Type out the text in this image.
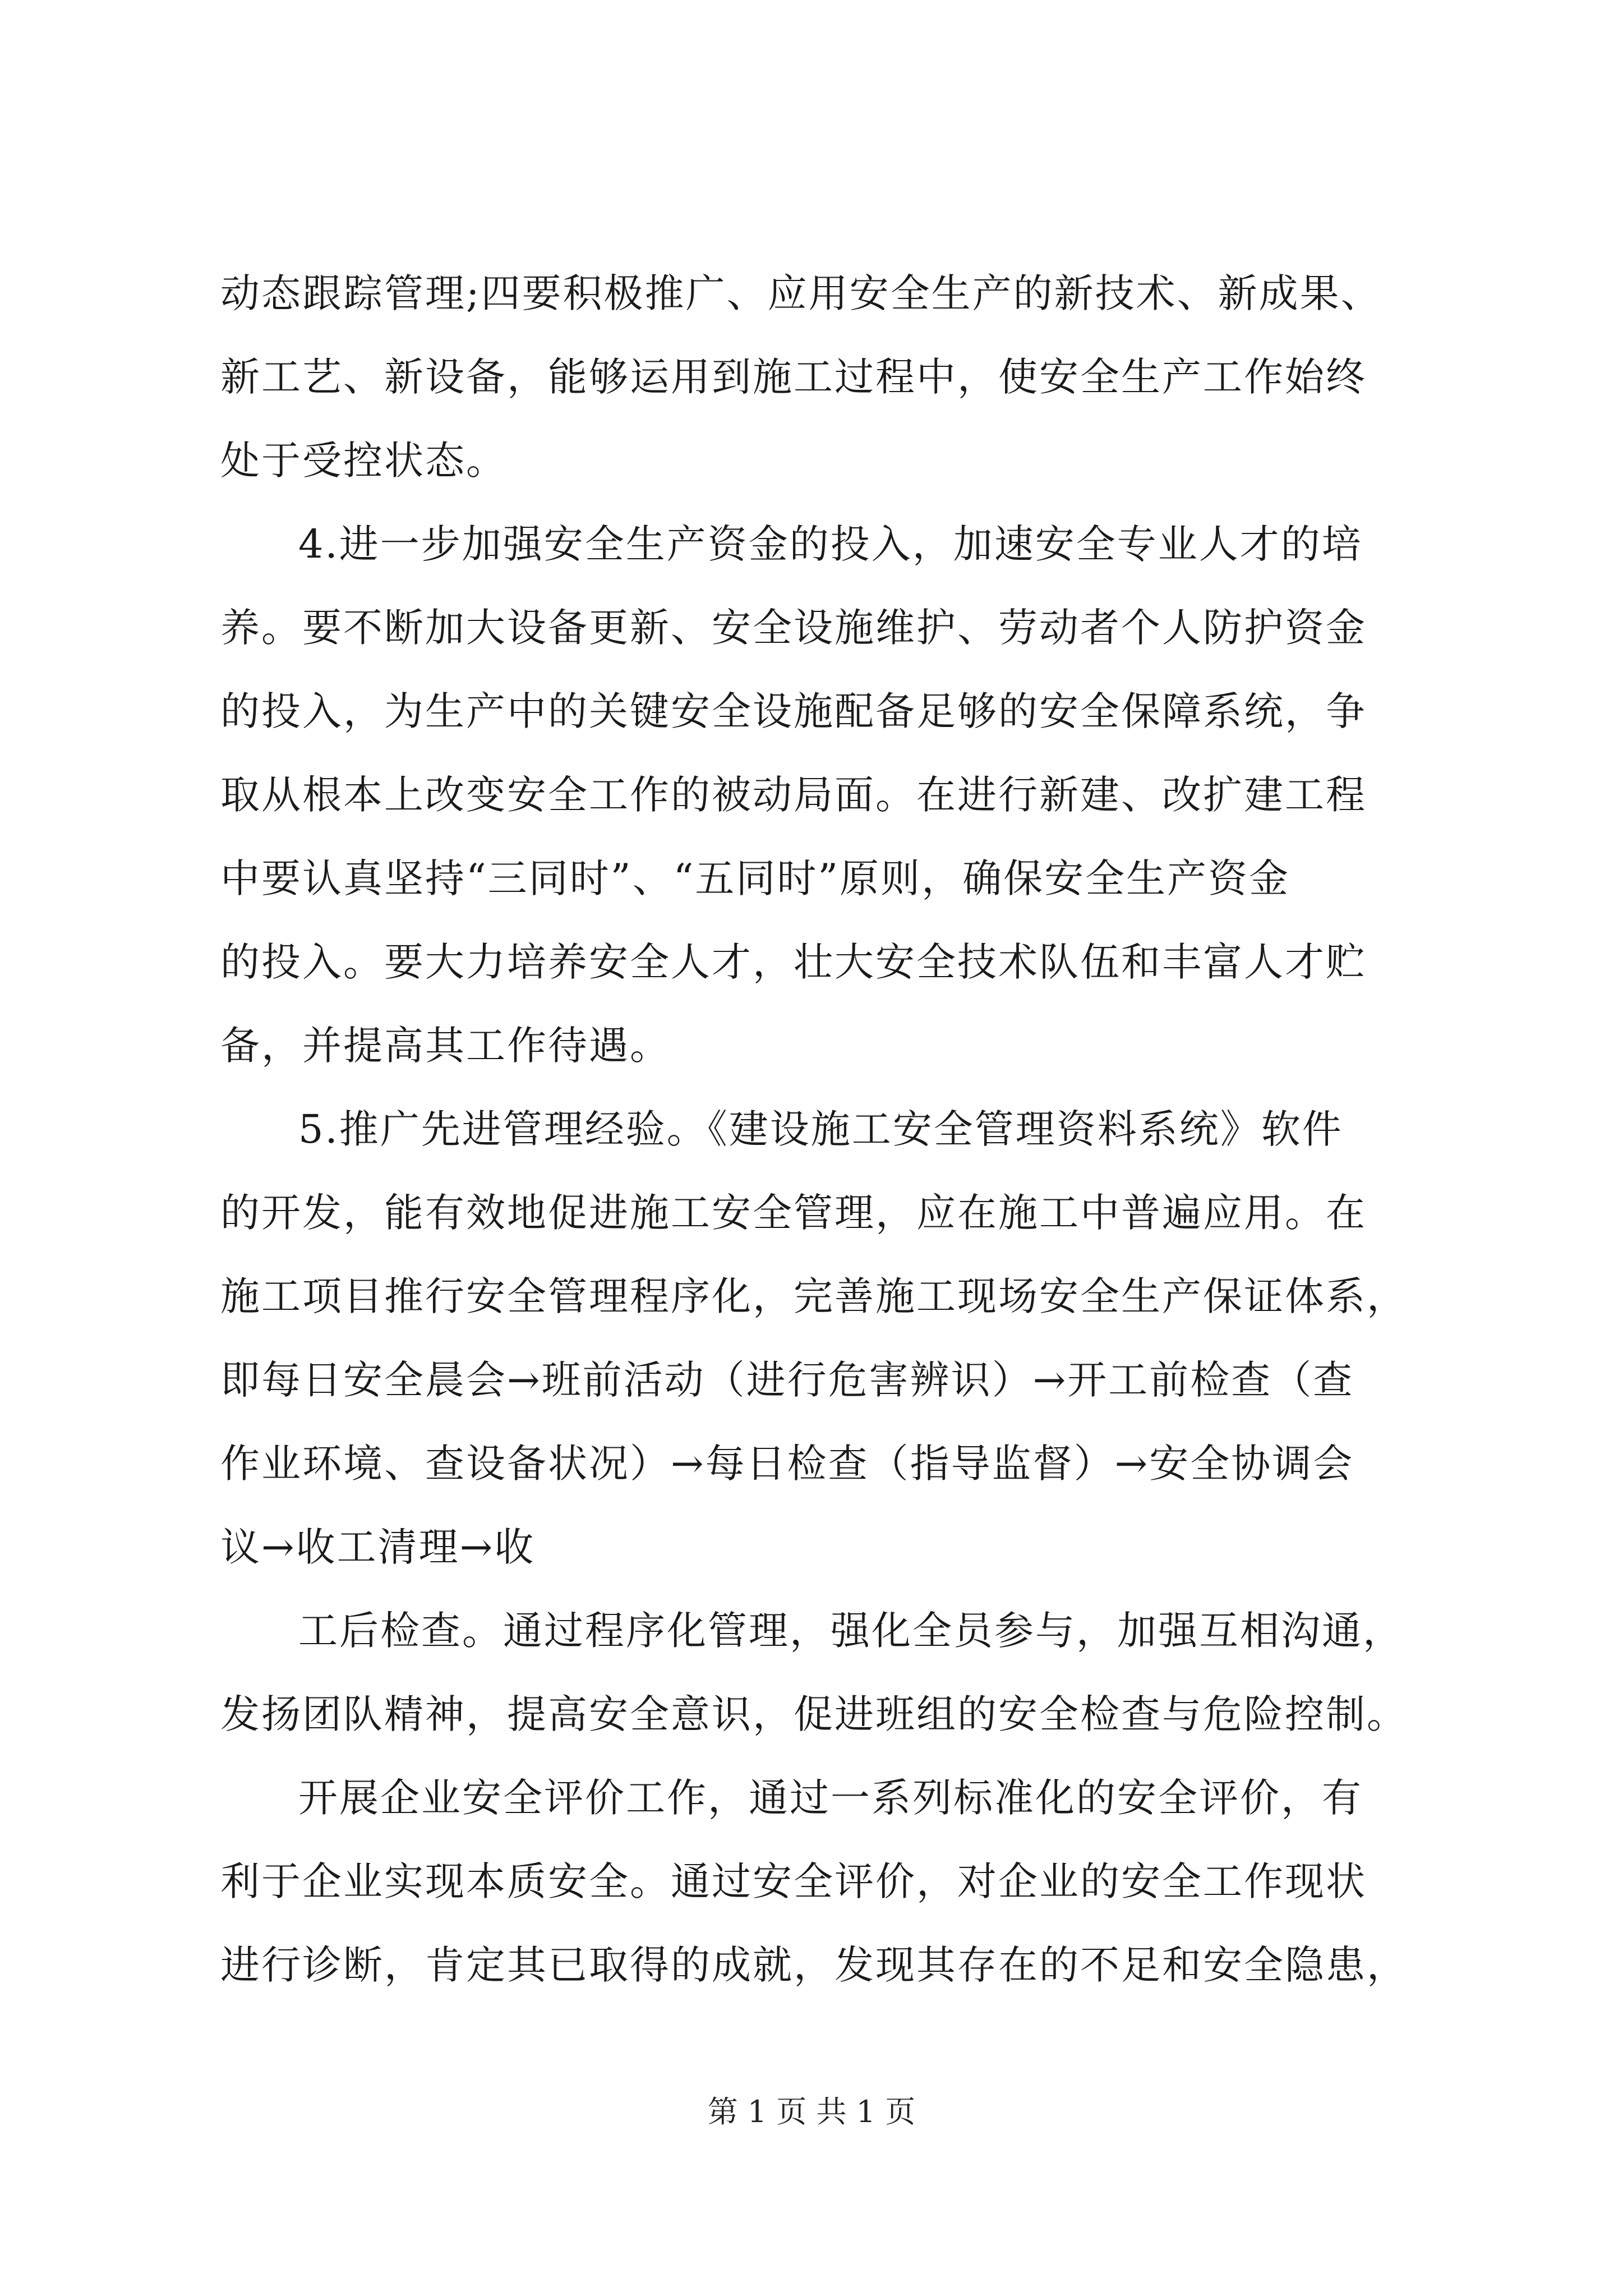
动态跟踪管理;四要积极推广、应用安全生产的新技术、新成果、
新工艺、新设备，能够运用到施工过程中，使安全生产工作始终
处于受控状态。
4.进一步加强安全生产资金的投入，加速安全专业人才的培
养。要不断加大设备更新、安全设施维护、劳动者个人防护资金
的投入，为生产中的关键安全设施配备足够的安全保障系统，争
取从根本上改变安全工作的被动局面。在进行新建、改扩建工程
中要认真坚持“三同时”、“五同时”原则，确保安全生产资金
的投入。要大力培养安全人才，壮大安全技术队伍和丰富人才贮
备，并提高其工作待遇。
5.推广先进管理经验。《建设施工安全管理资料系统》软件
的开发，能有效地促进施工安全管理，应在施工中普遍应用。在
施工项目推行安全管理程序化，完善施工现场安全生产保证体系，
即每日安全晨会→班前活动（进行危害辨识）→开工前检查（查
作业环境、查设备状况）→每日检查（指导监督）→安全协调会
议→收工清理→收
工后检查。通过程序化管理，强化全员参与，加强互相沟通，
发扬团队精神，提高安全意识，促进班组的安全检查与危险控制。
开展企业安全评价工作，通过一系列标准化的安全评价，有
利于企业实现本质安全。通过安全评价，对企业的安全工作现状
进行诊断，肯定其已取得的成就，发现其存在的不足和安全隐患，
第 1 页 共 1 页
